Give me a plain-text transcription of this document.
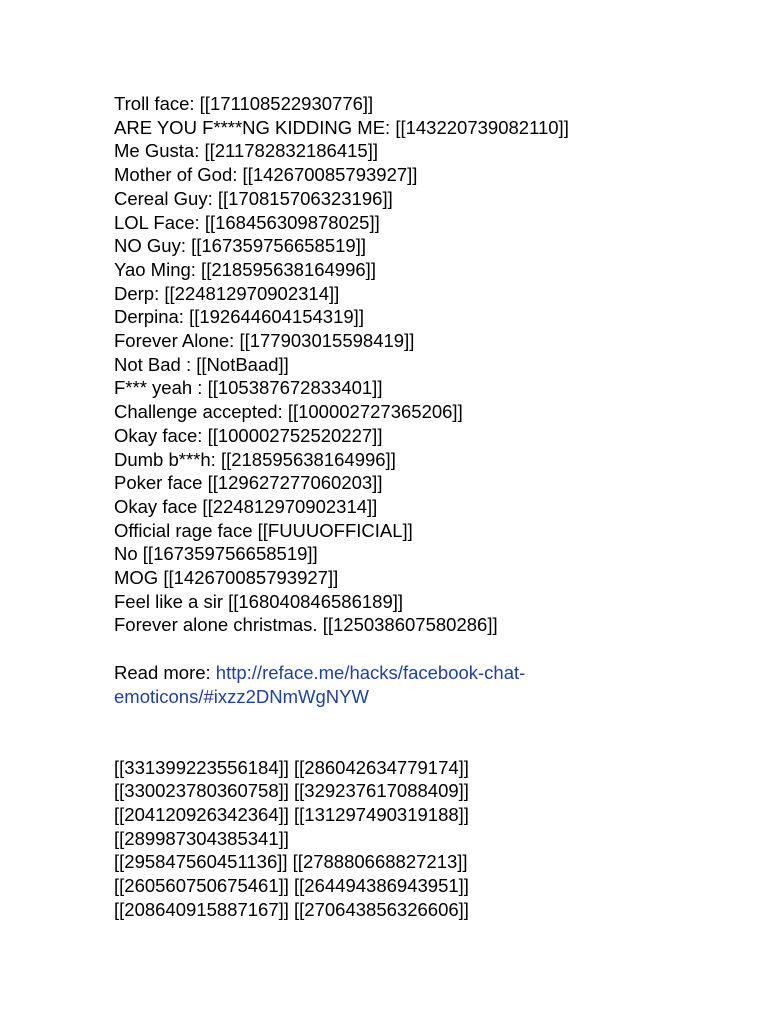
Troll face: [[171108522930776]]
ARE YOU F****NG KIDDING ME: [[143220739082110]]
Me Gusta: [[211782832186415]]
Mother of God: [[142670085793927]]
Cereal Guy: [[170815706323196]]
LOL Face: [[168456309878025]]
NO Guy: [[167359756658519]]
Yao Ming: [[218595638164996]]
Derp: [[224812970902314]]
Derpina: [[192644604154319]]
Forever Alone: [[177903015598419]]
Not Bad : [[NotBaad]]
F*** yeah : [[105387672833401]]
Challenge accepted: [[100002727365206]]
Okay face: [[100002752520227]]
Dumb b***h: [[218595638164996]]
Poker face [[129627277060203]]
Okay face [[224812970902314]]
Official rage face [[FUUUOFFICIAL]]
No [[167359756658519]]
MOG [[142670085793927]]
Feel like a sir [[168040846586189]]
Forever alone christmas. [[125038607580286]]
Read more: http://reface.me/hacks/facebook-chat-
emoticons/#ixzz2DNmWgNYW
[[331399223556184]] [[286042634779174]]
[[330023780360758]] [[329237617088409]]
[[204120926342364]] [[131297490319188]]
[[289987304385341]]
[[295847560451136]] [[278880668827213]]
[[260560750675461]] [[264494386943951]]
[[208640915887167]] [[270643856326606]]
